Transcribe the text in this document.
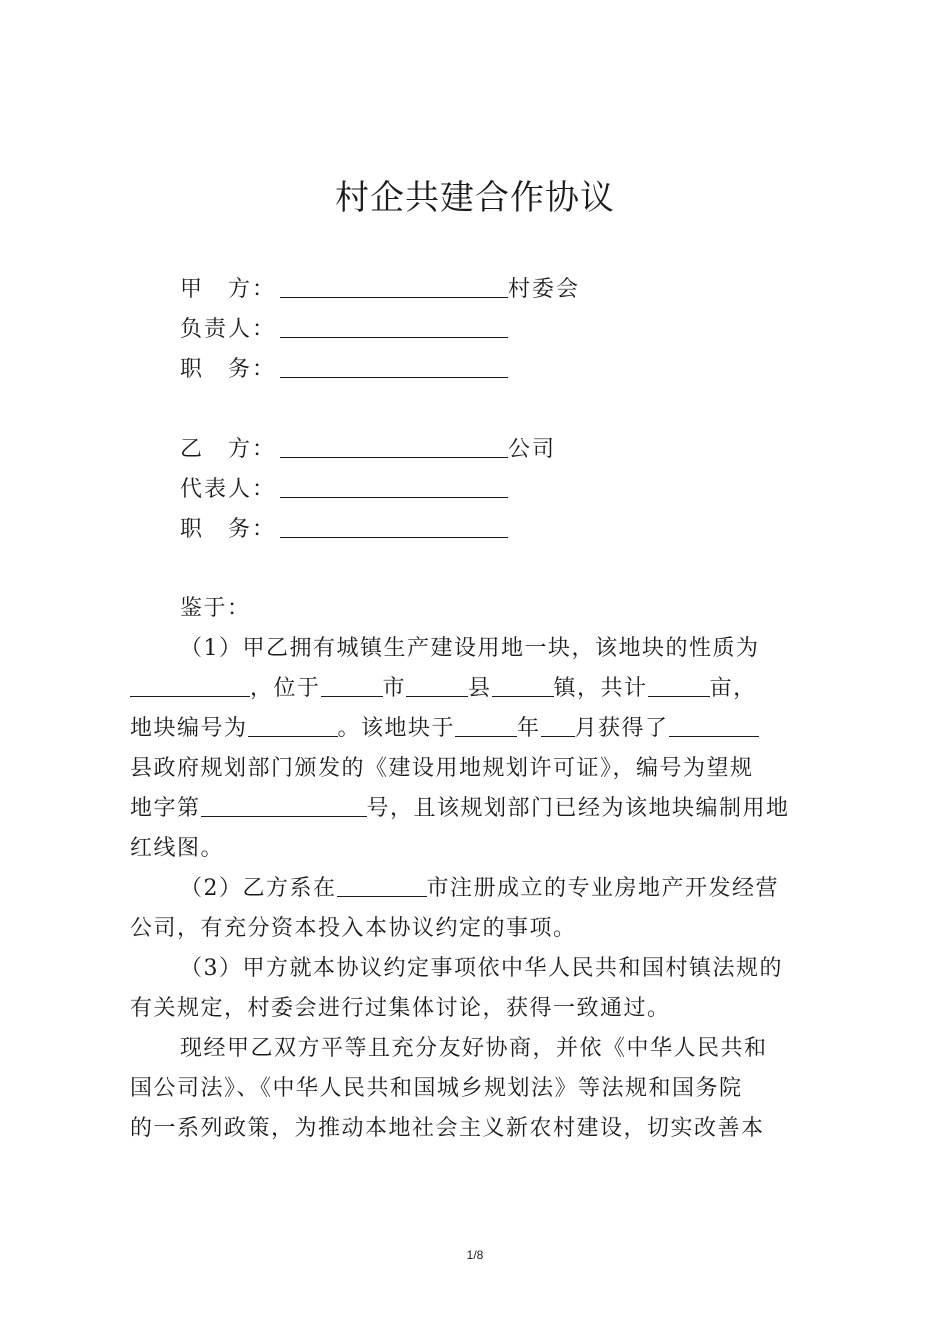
村企共建合作协议
甲　方：	村委会
负责人：
职　务：
乙　方：	公司
代表人：
职　务：
鉴于：
（1）甲乙拥有城镇生产建设用地一块，该地块的性质为
，位于	市	县	镇，共计	亩，
地块编号为	。该地块于	年 月获得了
县政府规划部门颁发的《建设用地规划许可证》，编号为望规
地字第	号，且该规划部门已经为该地块编制用地
红线图。
（2）乙方系在	市注册成立的专业房地产开发经营
公司，有充分资本投入本协议约定的事项。
（3）甲方就本协议约定事项依中华人民共和国村镇法规的
有关规定，村委会进行过集体讨论，获得一致通过。
现经甲乙双方平等且充分友好协商，并依《中华人民共和
国公司法》、《中华人民共和国城乡规划法》等法规和国务院
的一系列政策，为推动本地社会主义新农村建设，切实改善本
1/8
